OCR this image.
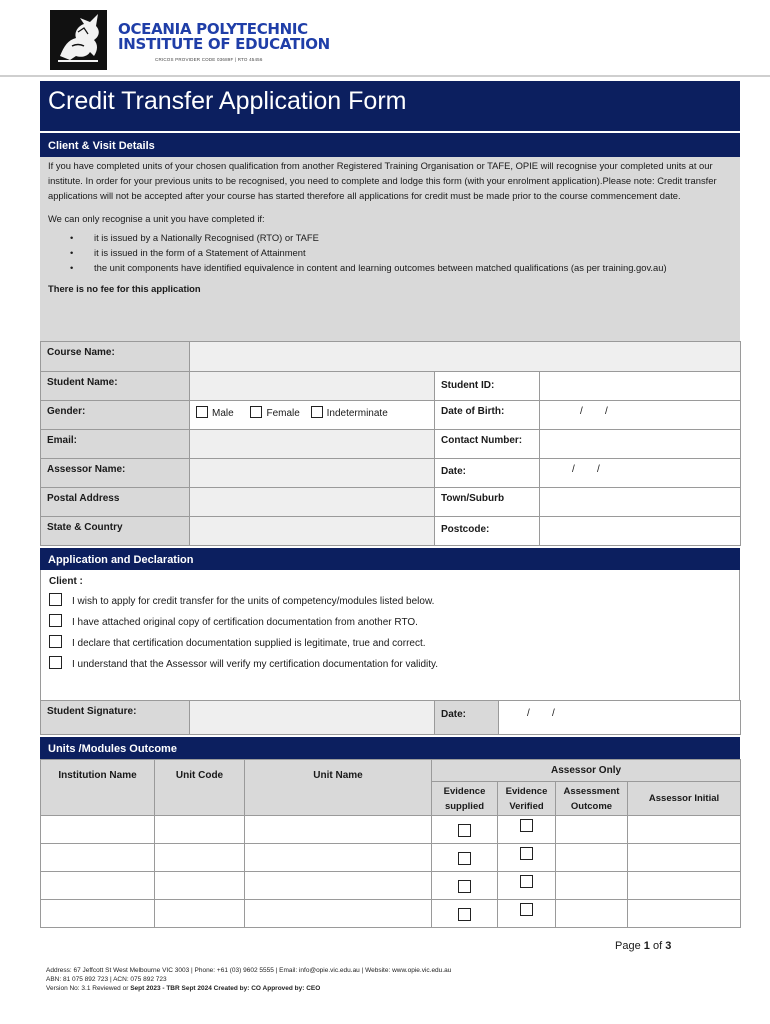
OCEANIA POLYTECHNIC
INSTITUTE OF EDUCATION
CRICOS PROVIDER CODE 03689F | RTO 45456
Credit Transfer Application Form
Client & Visit Details

If you have completed units of your chosen qualification from another Registered Training Organisation or TAFE, OPIE will recognise your completed units at our institute. In order for your previous units to be recognised, you need to complete and lodge this form (with your enrolment application).Please note: Credit transfer applications will not be accepted after your course has started therefore all applications for credit must be made prior to the course commencement date.

We can only recognise a unit you have completed if:

• it is issued by a Nationally Recognised (RTO) or TAFE
• it is issued in the form of a Statement of Attainment
• the unit components have identified equivalence in content and learning outcomes between matched qualifications (as per training.gov.au)

There is no fee for this application

Course Name:			
Student Name:		Student ID:	
Gender:	Male Female Indeterminate	Date of Birth:	/        /
Email:		Contact Number:	
Assessor Name:		Date:	/        /
Postal Address		Town/Suburb	
State & Country		Postcode:	
Application and Declaration
Client :
I wish to apply for credit transfer for the units of competency/modules listed below.
I have attached original copy of certification documentation from another RTO.
I declare that certification documentation supplied is legitimate, true and correct.
I understand that the Assessor will verify my certification documentation for validity.
Student Signature:		Date:	/        /
Units /Modules Outcome
Institution Name	Unit Code	Unit Name	Assessor Only			
			Evidence supplied	Evidence Verified	Assessment Outcome	Assessor Initial

Page 1 of 3
Address: 67 Jeffcott St West Melbourne VIC 3003 | Phone: +61 (03) 9602 5555 | Email: info@opie.vic.edu.au | Website: www.opie.vic.edu.au
ABN: 81 075 892 723 | ACN: 075 892 723
Version No: 3.1 Reviewed or Sept 2023 - TBR Sept 2024 Created by: CO Approved by: CEO
